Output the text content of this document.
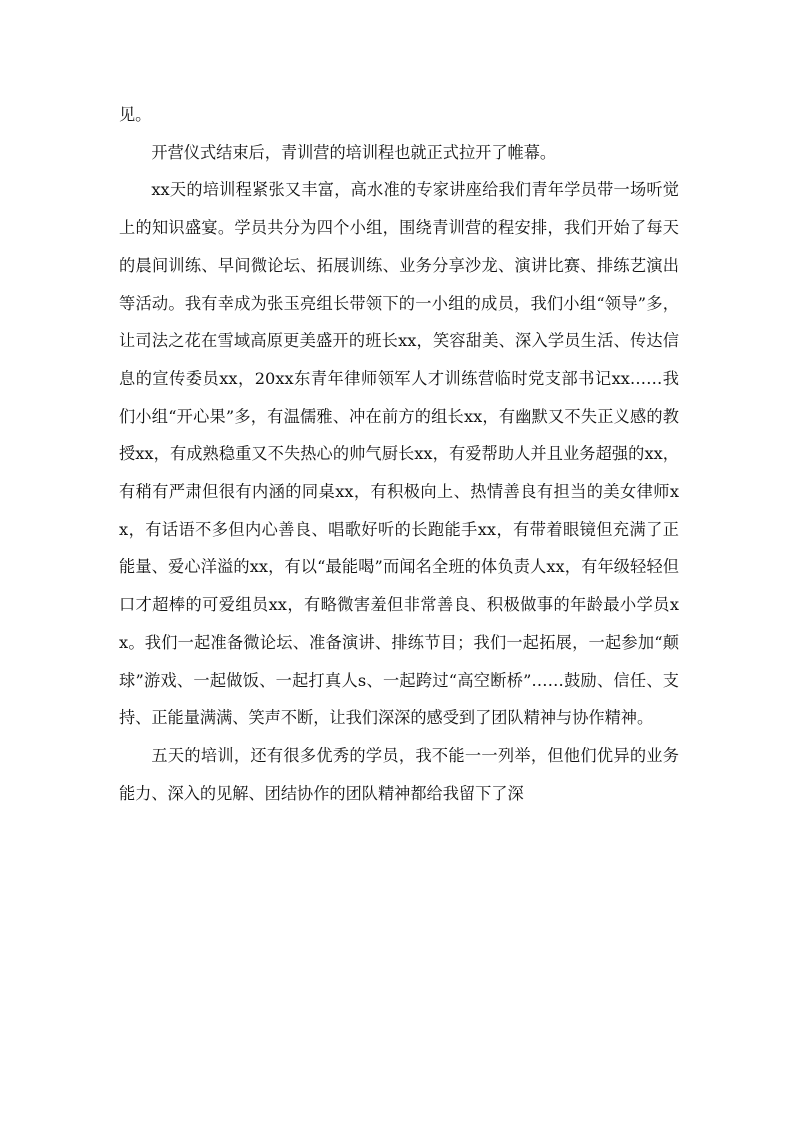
见。

开营仪式结束后，青训营的培训程也就正式拉开了帷幕。

xx天的培训程紧张又丰富，高水准的专家讲座给我们青年学员带一场听觉上的知识盛宴。学员共分为四个小组，围绕青训营的程安排，我们开始了每天的晨间训练、早间微论坛、拓展训练、业务分享沙龙、演讲比赛、排练艺演出等活动。我有幸成为张玉亮组长带领下的一小组的成员，我们小组“领导”多，让司法之花在雪域高原更美盛开的班长xx，笑容甜美、深入学员生活、传达信息的宣传委员xx，20xx东青年律师领军人才训练营临时党支部书记xx……我们小组“开心果”多，有温儒雅、冲在前方的组长xx，有幽默又不失正义感的教授xx，有成熟稳重又不失热心的帅气厨长xx，有爱帮助人并且业务超强的xx，有稍有严肃但很有内涵的同桌xx，有积极向上、热情善良有担当的美女律师xx，有话语不多但内心善良、唱歌好听的长跑能手xx，有带着眼镜但充满了正能量、爱心洋溢的xx，有以“最能喝”而闻名全班的体负责人xx，有年级轻轻但口才超棒的可爱组员xx，有略微害羞但非常善良、积极做事的年龄最小学员xx。我们一起准备微论坛、准备演讲、排练节目；我们一起拓展，一起参加“颠球”游戏、一起做饭、一起打真人s、一起跨过“高空断桥”……鼓励、信任、支持、正能量满满、笑声不断，让我们深深的感受到了团队精神与协作精神。

五天的培训，还有很多优秀的学员，我不能一一列举，但他们优异的业务能力、深入的见解、团结协作的团队精神都给我留下了深
